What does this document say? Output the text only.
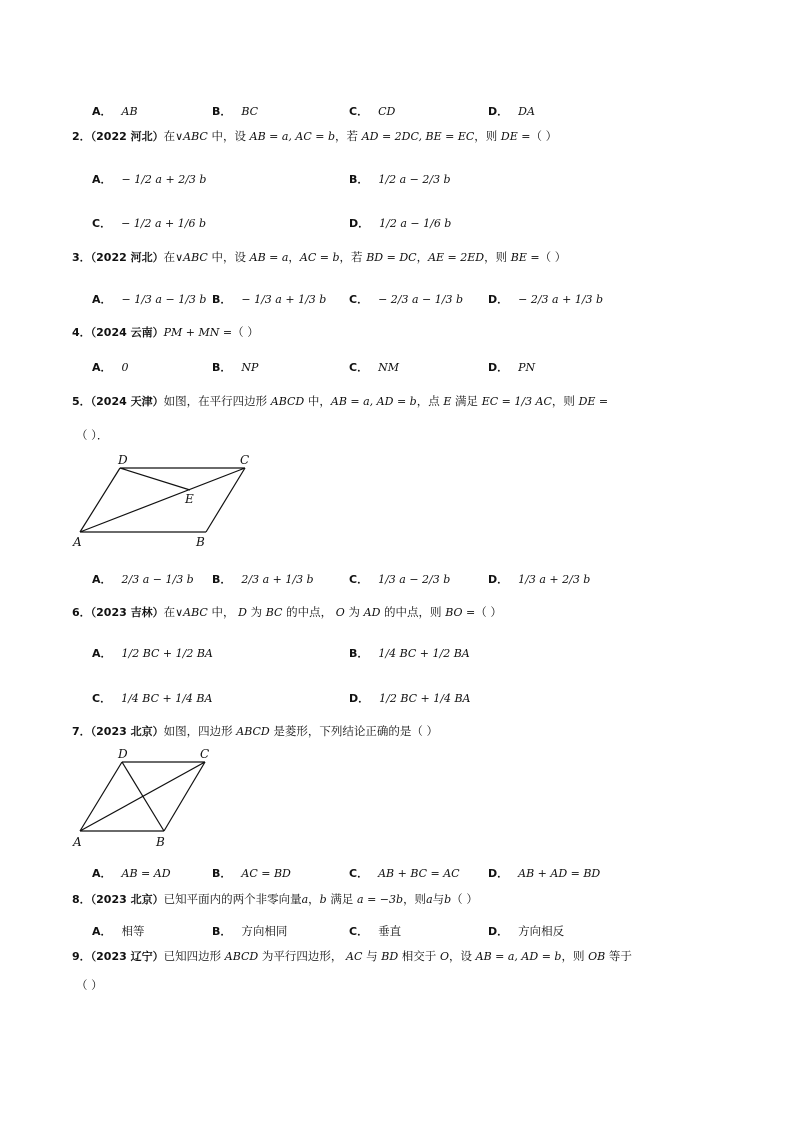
A． AB	B． BC	C． CD	D． DA
2．（2022 河北）在∨ABC 中，设 AB = a, AC = b，若 AD = 2DC, BE = EC，则 DE =（ ）
A． − 1/2 a + 2/3 b	B． 1/2 a − 2/3 b
C． − 1/2 a + 1/6 b	D． 1/2 a − 1/6 b
3．（2022 河北）在∨ABC 中，设 AB = a，AC = b，若 BD = DC，AE = 2ED，则 BE =（ ）
A． − 1/3 a − 1/3 b B． − 1/3 a + 1/3 b C． − 2/3 a − 1/3 b D． − 2/3 a + 1/3 b
4．（2024 云南）PM + MN =（ ）
A． 0	B． NP	C． NM	D． PN
5．（2024 天津）如图，在平行四边形 ABCD 中，AB = a, AD = b，点 E 满足 EC = 1/3 AC，则 DE =
（ ）．
D	C
E
A	B
A． 2/3 a − 1/3 b B． 2/3 a + 1/3 b	C． 1/3 a − 2/3 b	D． 1/3 a + 2/3 b
6．（2023 吉林）在∨ABC 中， D 为 BC 的中点， O 为 AD 的中点，则 BO =（ ）
A． 1/2 BC + 1/2 BA	B． 1/4 BC + 1/2 BA
C． 1/4 BC + 1/4 BA	D． 1/2 BC + 1/4 BA
7．（2023 北京）如图，四边形 ABCD 是菱形，下列结论正确的是（ ）
D	C
A	B
A． AB = AD	B． AC = BD	C． AB + BC = AC	D． AB + AD = BD
8．（2023 北京）已知平面内的两个非零向量a，b 满足 a = −3b，则a与b（ ）
A． 相等	B． 方向相同	C． 垂直	D． 方向相反
9．（2023 辽宁）已知四边形 ABCD 为平行四边形， AC 与 BD 相交于 O，设 AB = a, AD = b，则 OB 等于
（ ）
